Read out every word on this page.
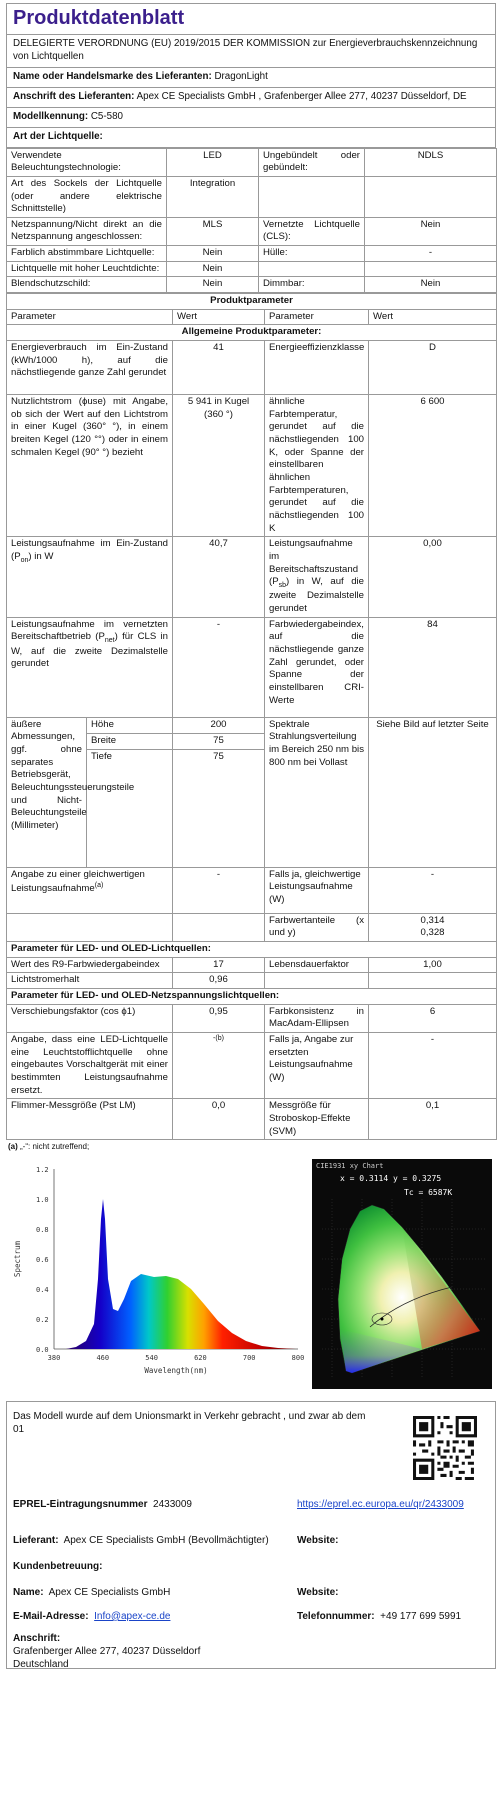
Produktdatenblatt
DELEGIERTE VERORDNUNG (EU) 2019/2015 DER KOMMISSION zur Energieverbrauchskennzeichnung von Lichtquellen
Name oder Handelsmarke des Lieferanten: DragonLight
Anschrift des Lieferanten: Apex CE Specialists GmbH , Grafenberger Allee 277, 40237 Düsseldorf, DE
Modellkennung: C5-580
Art der Lichtquelle:
Verwendete Beleuchtungstechnologie:	LED	Ungebündelt oder gebündelt:	NDLS
Art des Sockels der Lichtquelle (oder andere elektrische Schnittstelle)	Integration		
Netzspannung/Nicht direkt an die Netzspannung angeschlossen:	MLS	Vernetzte Lichtquelle (CLS):	Nein
Farblich abstimmbare Lichtquelle:	Nein	Hülle:	-
Lichtquelle mit hoher Leuchtdichte:	Nein		
Blendschutzschild:	Nein	Dimmbar:	Nein
Produktparameter				
Parameter		Wert	Parameter	Wert
Allgemeine Produktparameter:				
Energieverbrauch im Ein-Zustand (kWh/1000 h), auf die nächstliegende ganze Zahl gerundet		41	Energieeffizienzklasse	D
Nutzlichtstrom (ϕuse) mit Angabe, ob sich der Wert auf den Lichtstrom in einer Kugel (360° °), in einem breiten Kegel (120 °°) oder in einem schmalen Kegel (90° °) bezieht		5 941 in Kugel (360 °)	ähnliche Farbtemperatur, gerundet auf die nächstliegenden 100 K, oder Spanne der einstellbaren ähnlichen Farbtemperaturen, gerundet auf die nächstliegenden 100 K	6 600
Leistungsaufnahme im Ein-Zustand $(P_{on})$ in W		40,7	Leistungsaufnahme im Bereitschaftszustand $(P_{sb})$ in W, auf die zweite Dezimalstelle gerundet	0,00
Leistungsaufnahme im vernetzten Bereitschaftbetrieb $(P_{net})$ für CLS in W, auf die zweite Dezimalstelle gerundet		-	Farbwiedergabeindex, auf die nächstliegende ganze Zahl gerundet, oder Spanne der einstellbaren CRI-Werte	84
äußere Abmessungen, ggf. ohne separates Betriebsgerät, Beleuchtungssteuerungsteile und Nicht-Beleuchtungsteile (Millimeter)	Höhe	200	Spektrale Strahlungsverteilung im Bereich 250 nm bis 800 nm bei Vollast	Siehe Bild auf letzter Seite
	Breite	75		
	Tiefe	75		
Angabe zu einer gleichwertigen Leistungsaufnahme$^{(a)}$		-	Falls ja, gleichwertige Leistungsaufnahme (W)	-
			Farbwertanteile (x und y)	0,314
0,328

Parameter für LED- und OLED-Lichtquellen:				
Wert des R9-Farbwiedergabeindex		17	Lebensdauerfaktor	1,00
Lichtstromerhalt		0,96		
Parameter für LED- und OLED-Netzspannungslichtquellen:				
Verschiebungsfaktor (cos ϕ1)		0,95	Farbkonsistenz in MacAdam-Ellipsen	6
Angabe, dass eine LED-Lichtquelle eine Leuchtstofflichtquelle ohne eingebautes Vorschaltgerät mit einer bestimmten Leistungsaufnahme ersetzt.		-(b)	Falls ja, Angabe zur ersetzten Leistungsaufnahme (W)	-
Flimmer-Messgröße (Pst LM)		0,0	Messgröße für Stroboskop-Effekte (SVM)	0,1
(a) „-“: nicht zutreffend;
0.0
0.2
0.4
0.6
0.8
1.0
1.2
Spectrum
380	460	540	620	700	800
Wavelength(nm)
CIE1931 xy Chart
x = 0.3114 y = 0.3275
Tc = 6587K
Das Modell wurde auf dem Unionsmarkt in Verkehr gebracht , und zwar ab dem 01
EPREL-Eintragungsnummer 2433009	https://eprel.ec.europa.eu/qr/2433009
Lieferant: Apex CE Specialists GmbH (Bevollmächtigter)	Website:
Kundenbetreuung:
Name: Apex CE Specialists GmbH	Website:
E-Mail-Adresse: Info@apex-ce.de	Telefonnummer: +49 177 699 5991
Anschrift:
Grafenberger Allee 277, 40237 Düsseldorf
Deutschland
